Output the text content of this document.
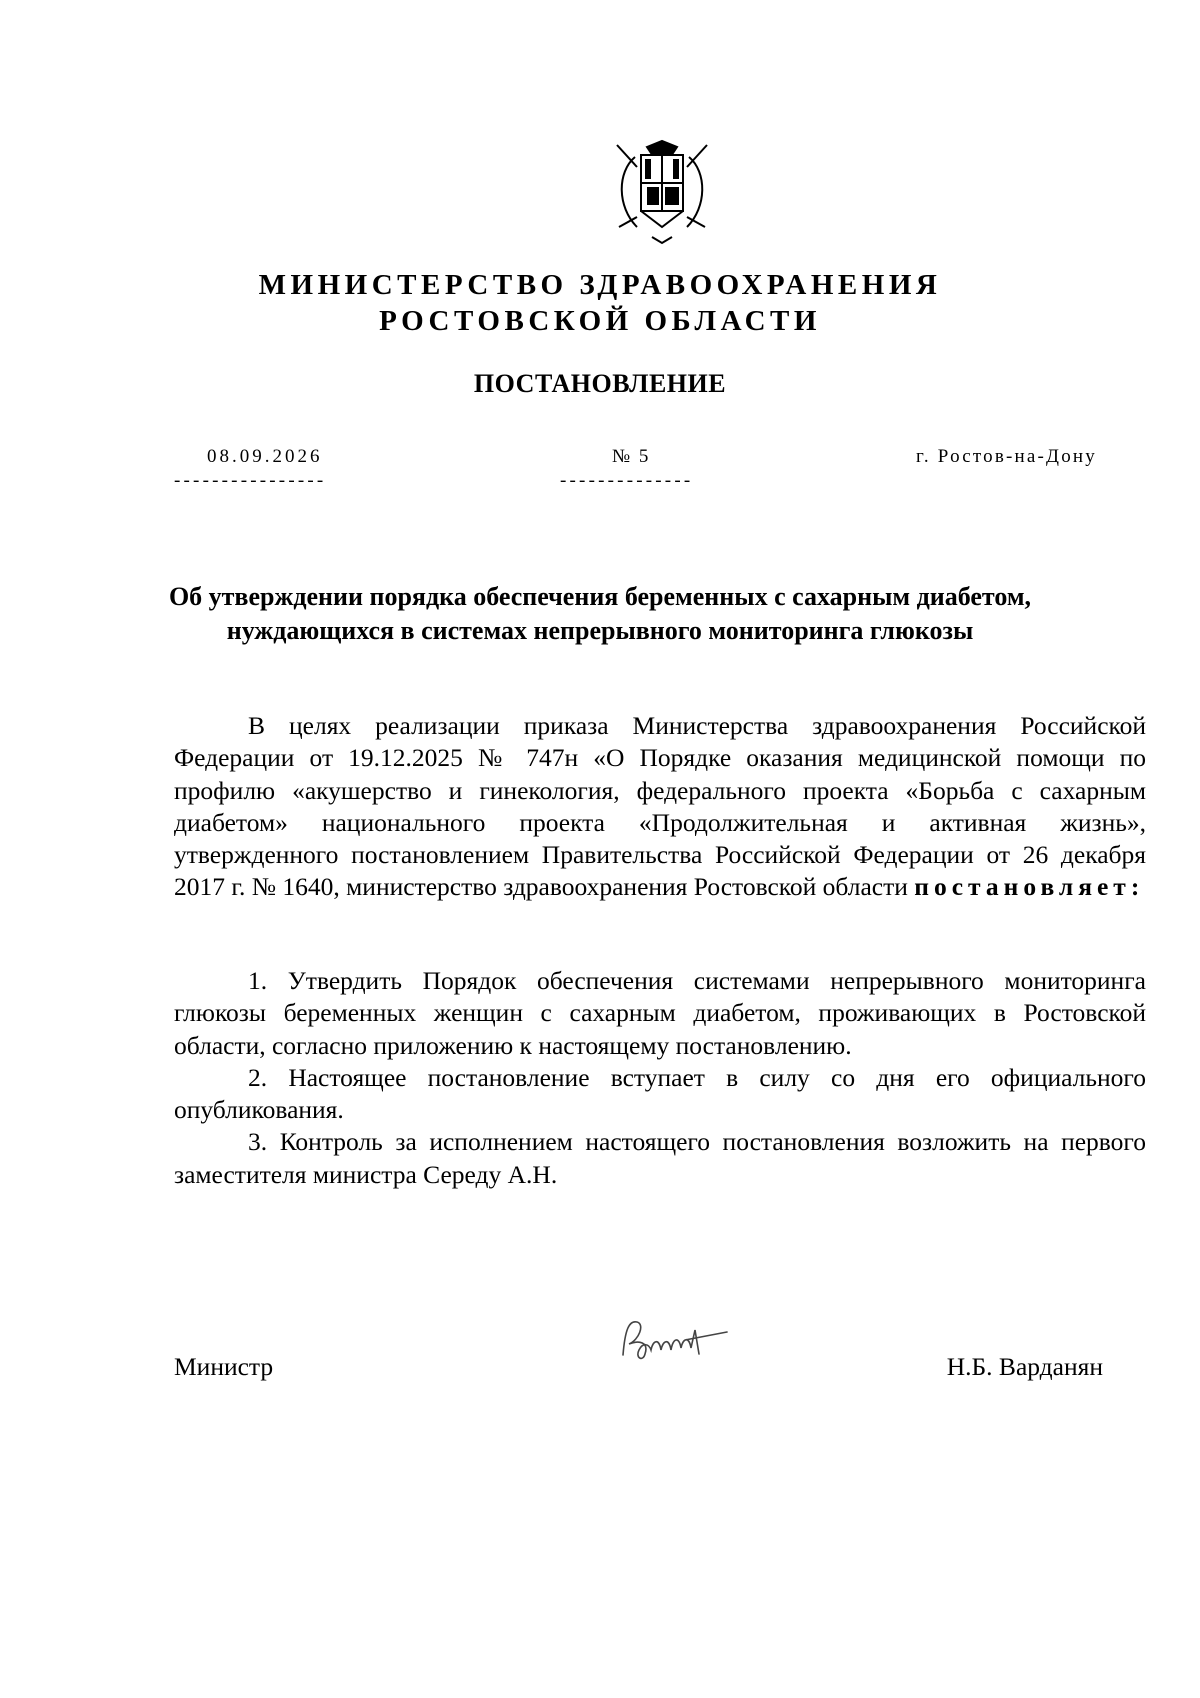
МИНИСТЕРСТВО ЗДРАВООХРАНЕНИЯ
РОСТОВСКОЙ ОБЛАСТИ
ПОСТАНОВЛЕНИЕ
08.09.2026	№ 5	г. Ростов-на-Дону
----------------	--------------
Об утверждении порядка обеспечения беременных с сахарным диабетом,
нуждающихся в системах непрерывного мониторинга глюкозы

В целях реализации приказа Министерства здравоохранения Российской Федерации от 19.12.2025 № 747н «О Порядке оказания медицинской помощи по профилю «акушерство и гинекология, федерального проекта «Борьба с сахарным диабетом» национального проекта «Продолжительная и активная жизнь», утвержденного постановлением Правительства Российской Федерации от 26 декабря 2017 г. № 1640, министерство здравоохранения Ростовской области постановляет:

1. Утвердить Порядок обеспечения системами непрерывного мониторинга глюкозы беременных женщин с сахарным диабетом, проживающих в Ростовской области, согласно приложению к настоящему постановлению.

2. Настоящее постановление вступает в силу со дня его официального опубликования.

3. Контроль за исполнением настоящего постановления возложить на первого заместителя министра Середу А.Н.

Министр	Н.Б. Варданян
